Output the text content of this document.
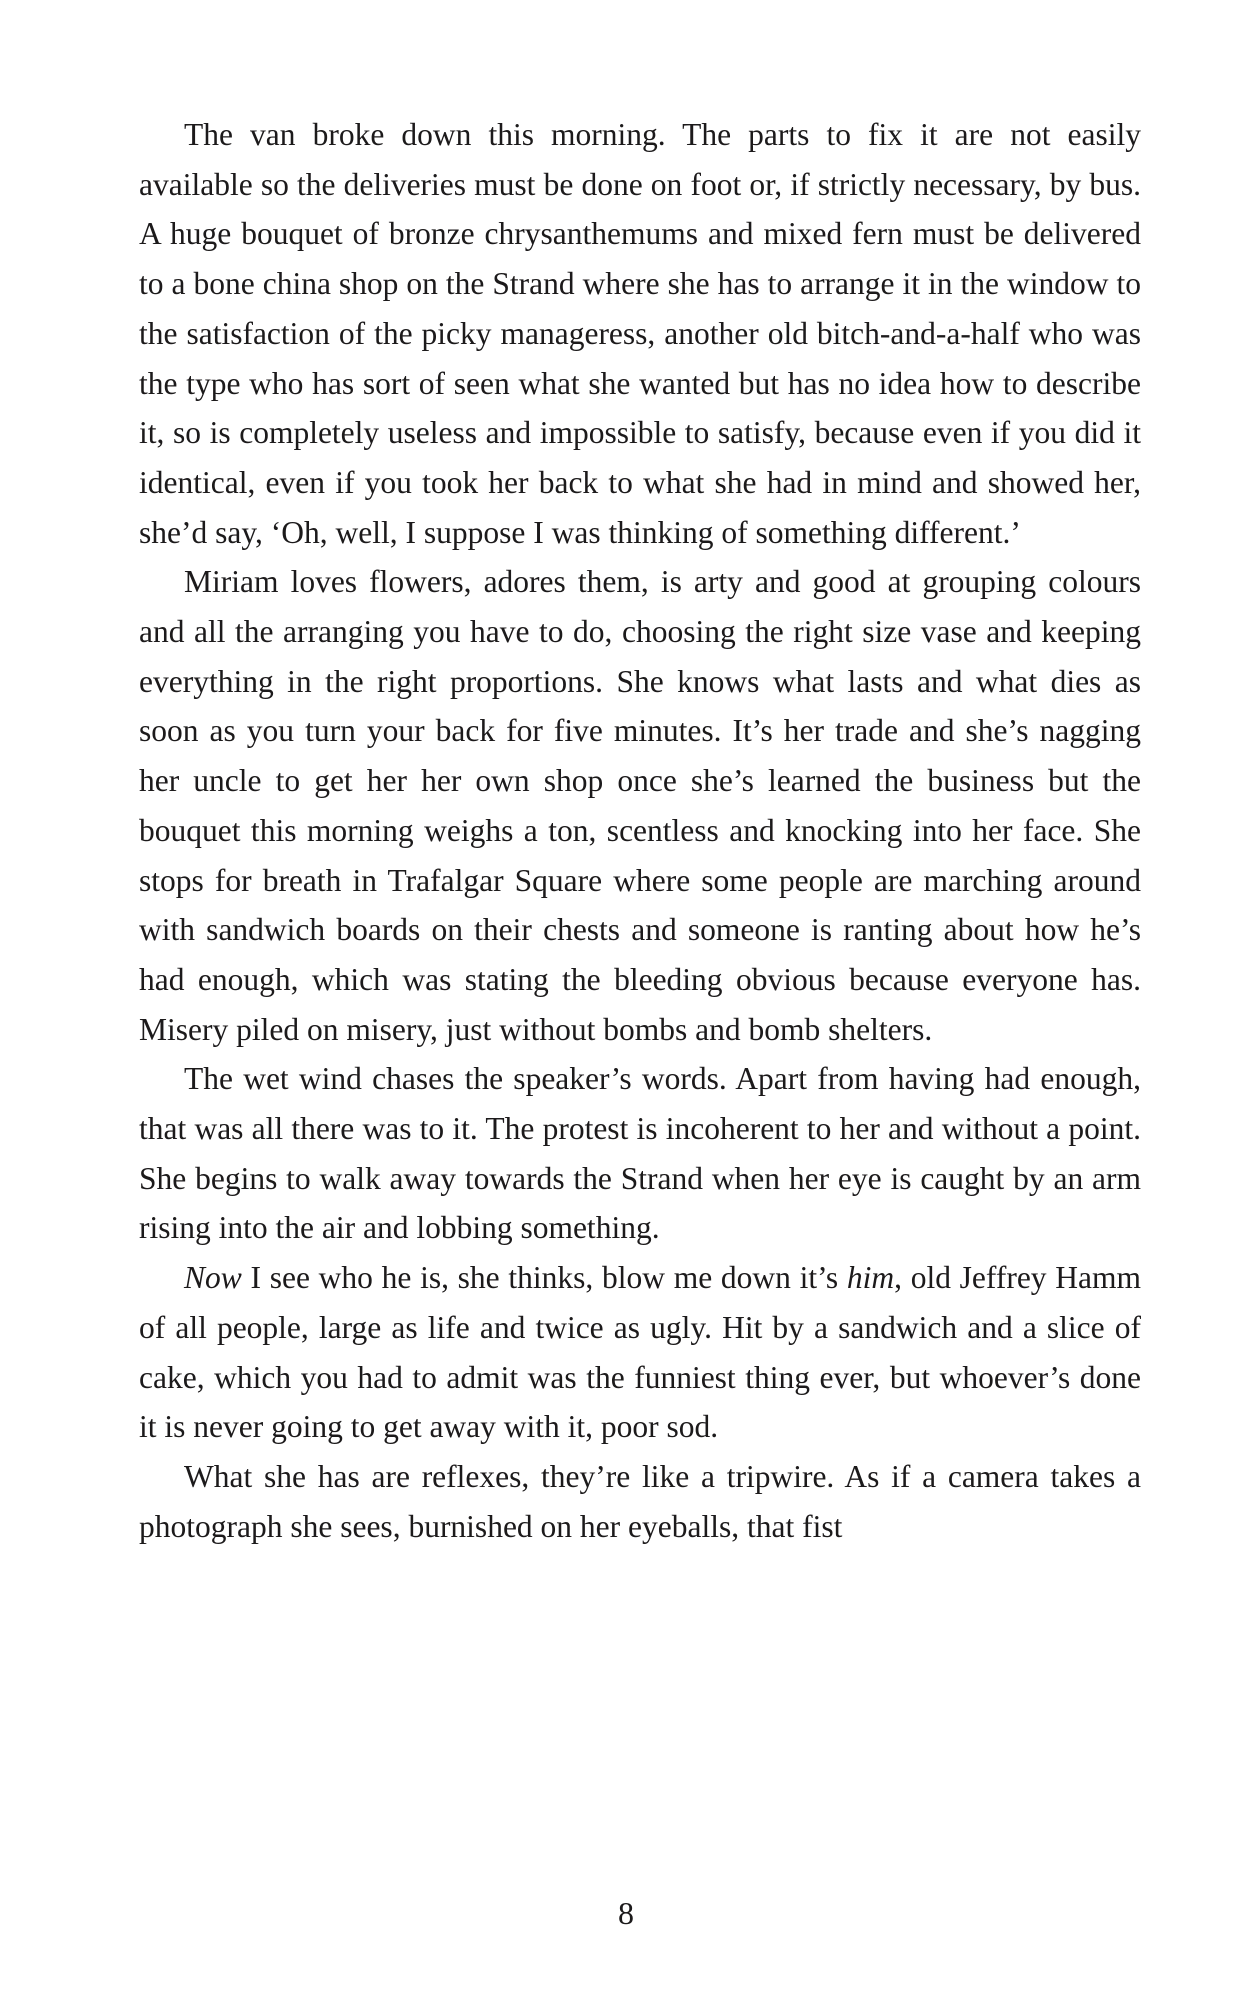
The van broke down this morning. The parts to fix it are not easily available so the deliveries must be done on foot or, if strictly necessary, by bus. A huge bouquet of bronze chrysanthemums and mixed fern must be delivered to a bone china shop on the Strand where she has to arrange it in the window to the satisfaction of the picky manageress, another old bitch-and-a-half who was the type who has sort of seen what she wanted but has no idea how to describe it, so is completely useless and impossible to satisfy, because even if you did it identical, even if you took her back to what she had in mind and showed her, she’d say, ‘Oh, well, I suppose I was thinking of something different.’

Miriam loves flowers, adores them, is arty and good at grouping colours and all the arranging you have to do, choosing the right size vase and keeping everything in the right proportions. She knows what lasts and what dies as soon as you turn your back for five minutes. It’s her trade and she’s nagging her uncle to get her her own shop once she’s learned the business but the bouquet this morning weighs a ton, scentless and knocking into her face. She stops for breath in Trafalgar Square where some people are marching around with sandwich boards on their chests and someone is ranting about how he’s had enough, which was stating the bleeding obvious because everyone has. Misery piled on misery, just without bombs and bomb shelters.

The wet wind chases the speaker’s words. Apart from having had enough, that was all there was to it. The protest is incoherent to her and without a point. She begins to walk away towards the Strand when her eye is caught by an arm rising into the air and lobbing something.

Now I see who he is, she thinks, blow me down it’s him, old Jeffrey Hamm of all people, large as life and twice as ugly. Hit by a sandwich and a slice of cake, which you had to admit was the funniest thing ever, but whoever’s done it is never going to get away with it, poor sod.

What she has are reflexes, they’re like a tripwire. As if a camera takes a photograph she sees, burnished on her eyeballs, that fist

8
